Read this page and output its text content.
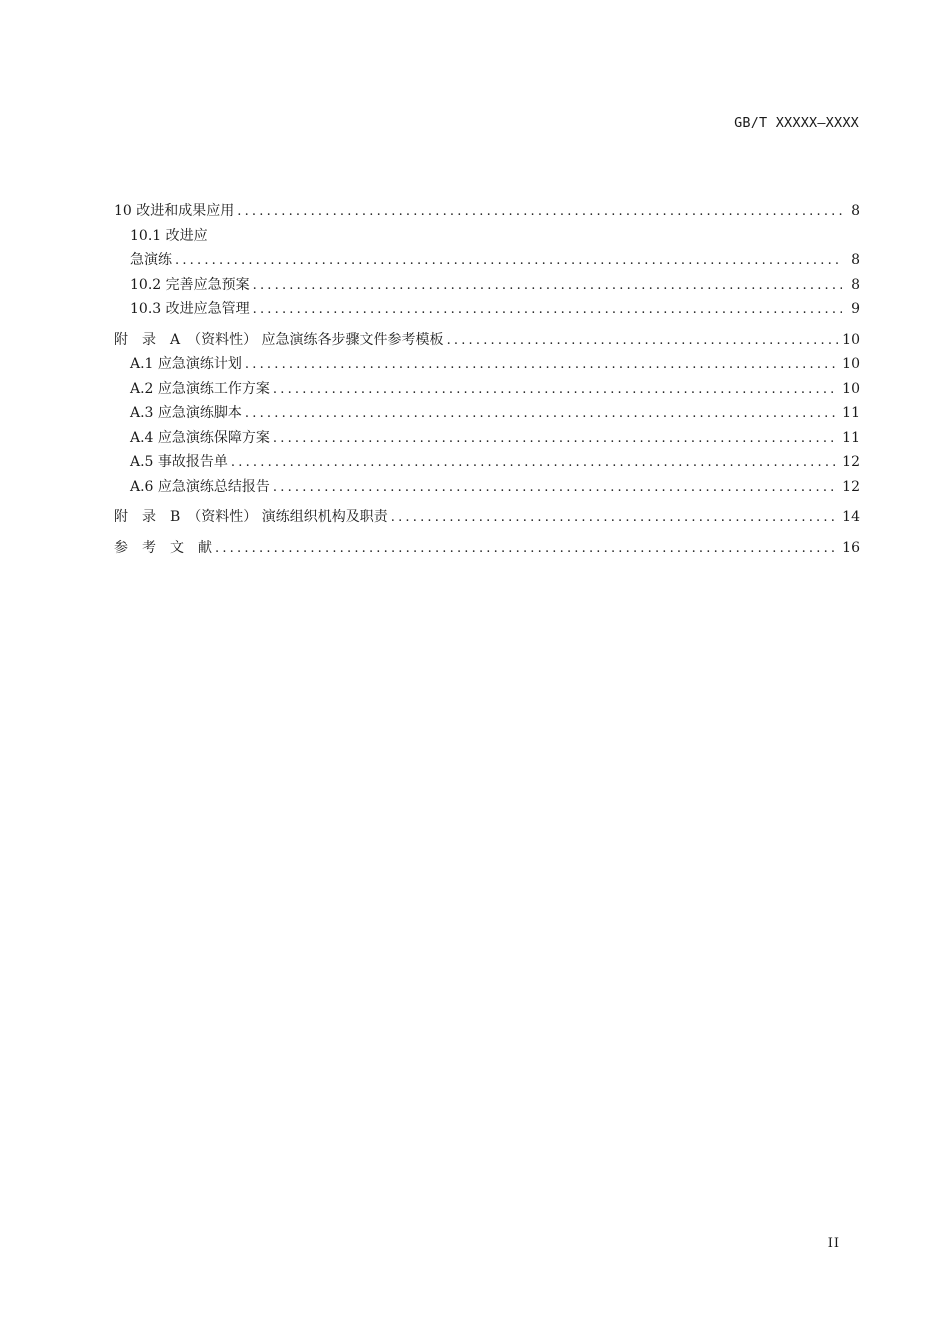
GB/T XXXXX—XXXX
10 改进和成果应用 .....	8
10.1 改进应
急演练 .....	8
10.2 完善应急预案 .....	8
10.3 改进应急管理 .....	9
附　录　A　（资料性） 应急演练各步骤文件参考模板 .....	10
A.1 应急演练计划 .....	10
A.2 应急演练工作方案 .....	10
A.3 应急演练脚本 .....	11
A.4 应急演练保障方案 .....	11
A.5 事故报告单 .....	12
A.6 应急演练总结报告 .....	12
附　录　B　（资料性） 演练组织机构及职责 .....	14
参　考　文　献 .....	16
II
